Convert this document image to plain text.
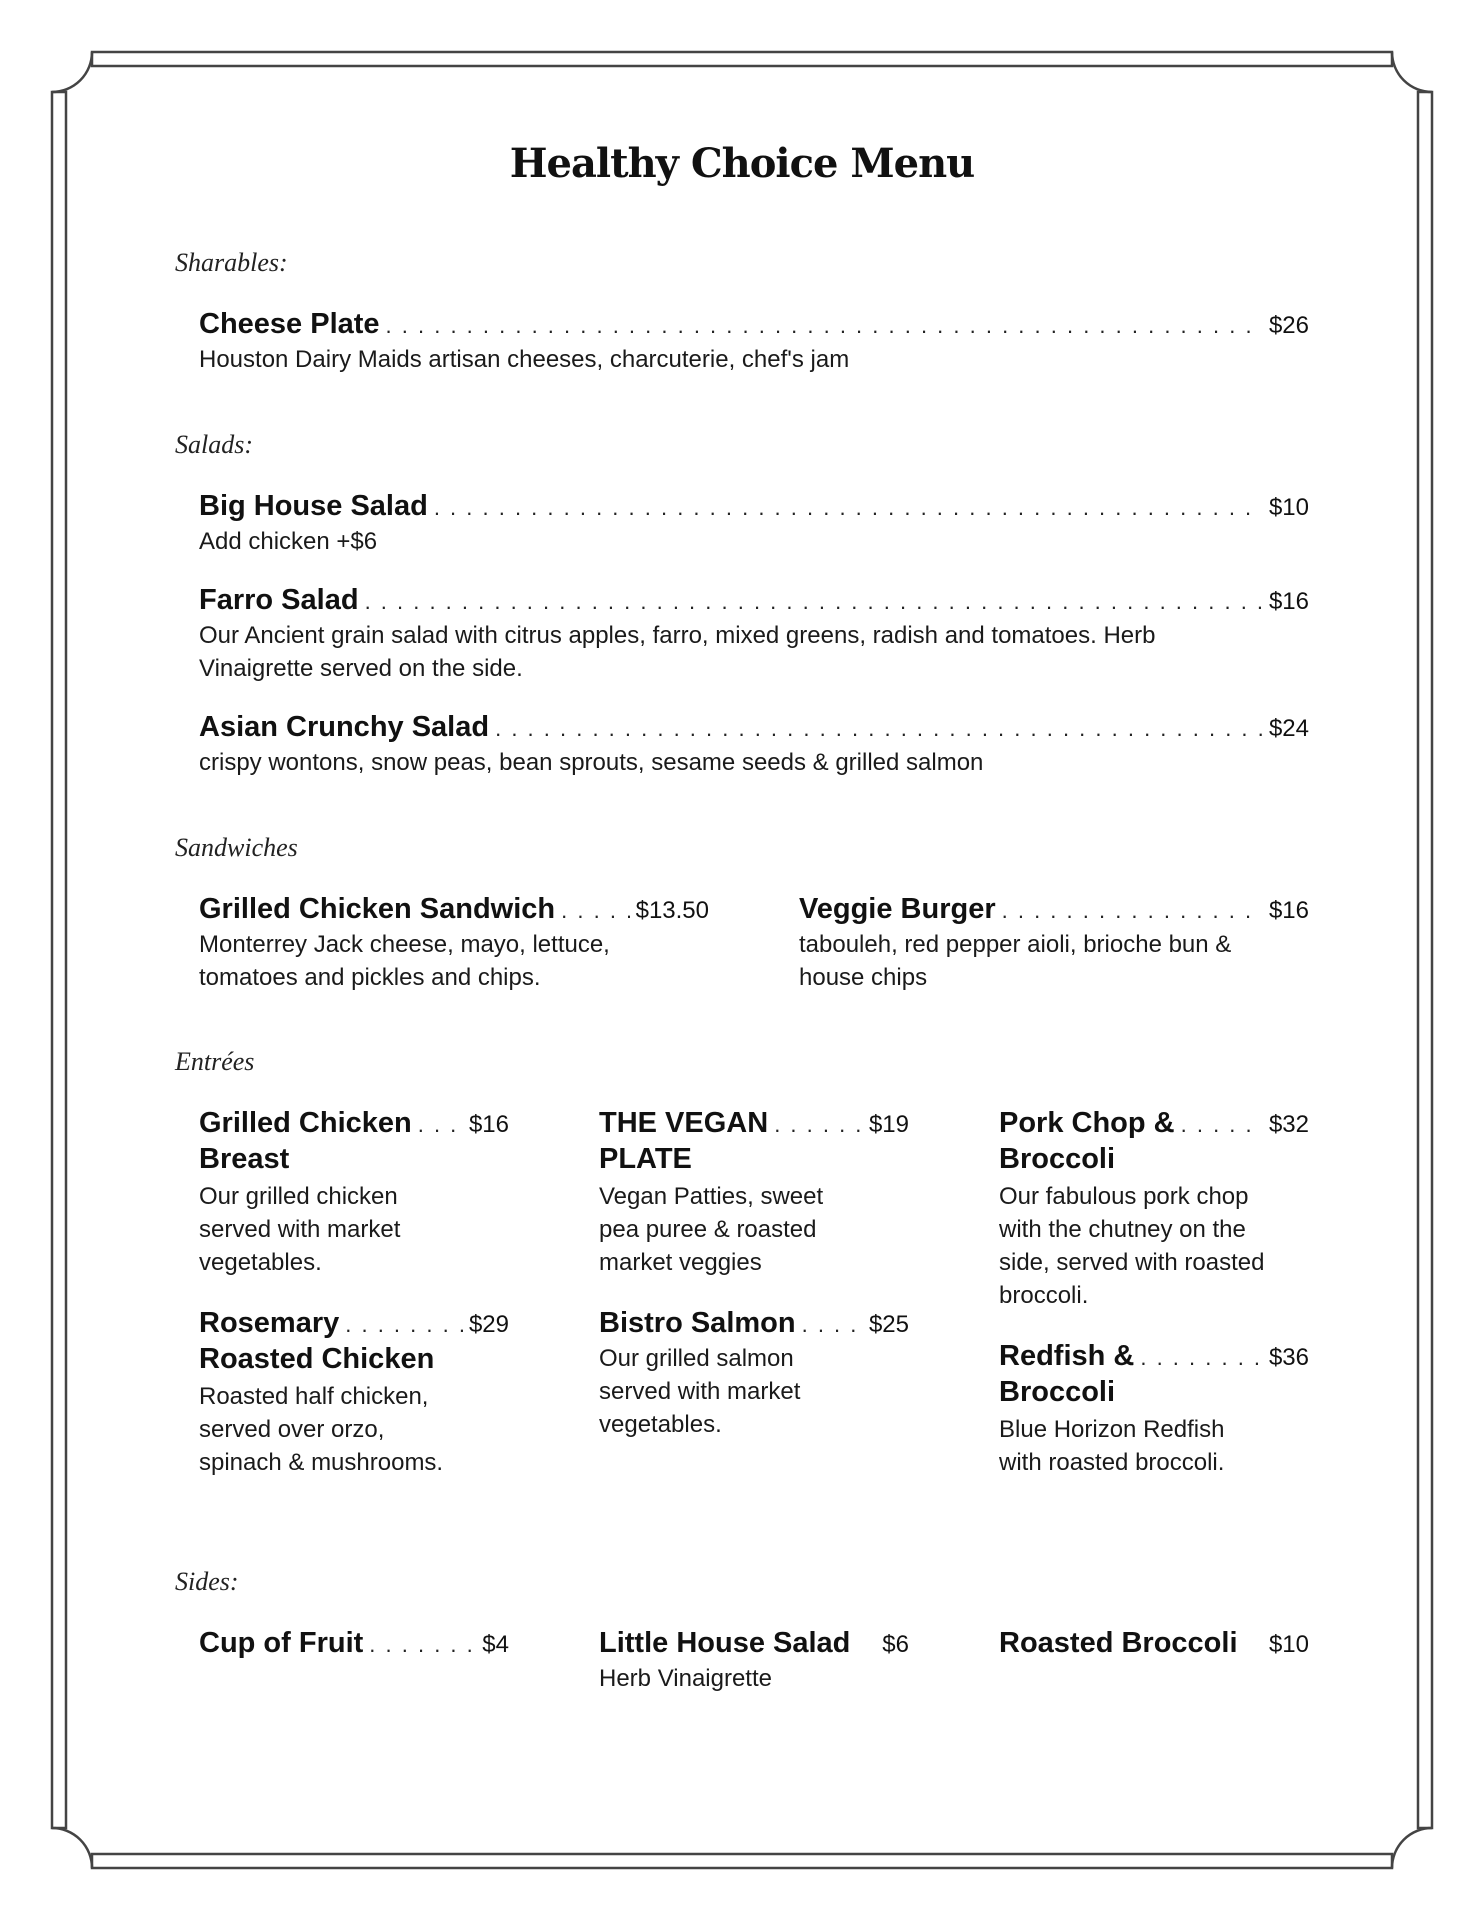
Healthy Choice Menu
Sharables:
Cheese Plate . . .	$26
Houston Dairy Maids artisan cheeses, charcuterie, chef's jam
Salads:
Big House Salad . . .	$10
Add chicken +$6
Farro Salad . . .	$16
Our Ancient grain salad with citrus apples, farro, mixed greens, radish and tomatoes. Herb Vinaigrette served on the side.
Asian Crunchy Salad . . .	$24
crispy wontons, snow peas, bean sprouts, sesame seeds & grilled salmon
Sandwiches
Grilled Chicken Sandwich . . .	$13.50
Monterrey Jack cheese, mayo, lettuce, tomatoes and pickles and chips.
Veggie Burger . . .	$16
tabouleh, red pepper aioli, brioche bun & house chips
Entrées
Grilled Chicken . . . $16
Breast
Our grilled chicken served with market vegetables.
THE VEGAN . . .	$19
PLATE
Vegan Patties, sweet pea puree & roasted market veggies
Pork Chop & . . .	$32
Broccoli
Our fabulous pork chop with the chutney on the side, served with roasted broccoli.
Rosemary . . .	$29
Roasted Chicken
Roasted half chicken, served over orzo, spinach & mushrooms.
Bistro Salmon . . .	$25
Our grilled salmon served with market vegetables.
Redfish & . . .	$36
Broccoli
Blue Horizon Redfish with roasted broccoli.
Sides:
Cup of Fruit . . .	$4	Little House Salad $6
Herb Vinaigrette
Roasted Broccoli $10
